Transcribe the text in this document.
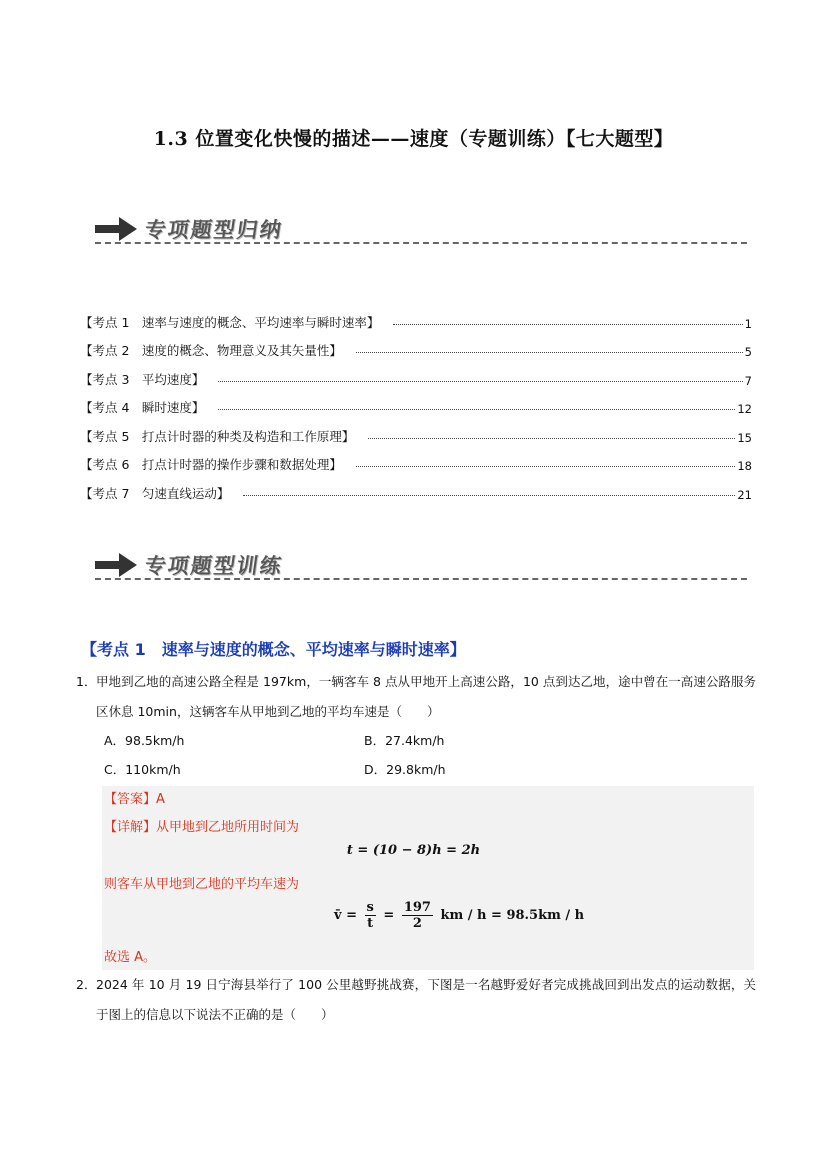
1.3 位置变化快慢的描述——速度（专题训练）【七大题型】
专项题型归纳
【考点 1　速率与速度的概念、平均速率与瞬时速率】	1
【考点 2　速度的概念、物理意义及其矢量性】	5
【考点 3　平均速度】	7
【考点 4　瞬时速度】	12
【考点 5　打点计时器的种类及构造和工作原理】	15
【考点 6　打点计时器的操作步骤和数据处理】	18
【考点 7　匀速直线运动】	21
专项题型训练
【考点 1　速率与速度的概念、平均速率与瞬时速率】
1． 甲地到乙地的高速公路全程是 197km，一辆客车 8 点从甲地开上高速公路，10 点到达乙地，途中曾在一高速公路服务区休息 10min，这辆客车从甲地到乙地的平均车速是（　　）
A．98.5km/h	B．27.4km/h
C．110km/h	D．29.8km/h
【答案】A
【详解】从甲地到乙地所用时间为
t = (10 − 8)h = 2h
则客车从甲地到乙地的平均车速为
v̄ = $\frac{s}{t} = \frac{197}{2}$ km / h = 98.5km / h
故选 A。
2． 2024 年 10 月 19 日宁海县举行了 100 公里越野挑战赛，下图是一名越野爱好者完成挑战回到出发点的运动数据，关于图上的信息以下说法不正确的是（　　）
